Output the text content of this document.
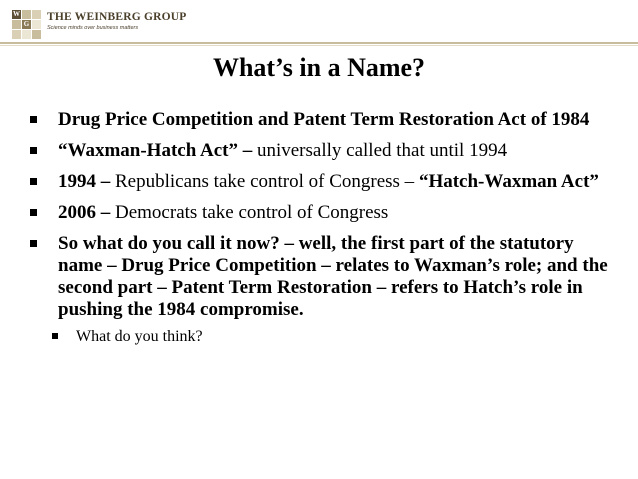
W
G
THE WEINBERG GROUP
Science minds over business matters
What’s in a Name?
Drug Price Competition and Patent Term Restoration Act of 1984
“Waxman-Hatch Act” – universally called that until 1994
1994 – Republicans take control of Congress – “Hatch-Waxman Act”
2006 – Democrats take control of Congress
So what do you call it now? – well, the first part of the statutory name – Drug Price Competition – relates to Waxman’s role; and the second part – Patent Term Restoration – refers to Hatch’s role in pushing the 1984 compromise.
What do you think?
